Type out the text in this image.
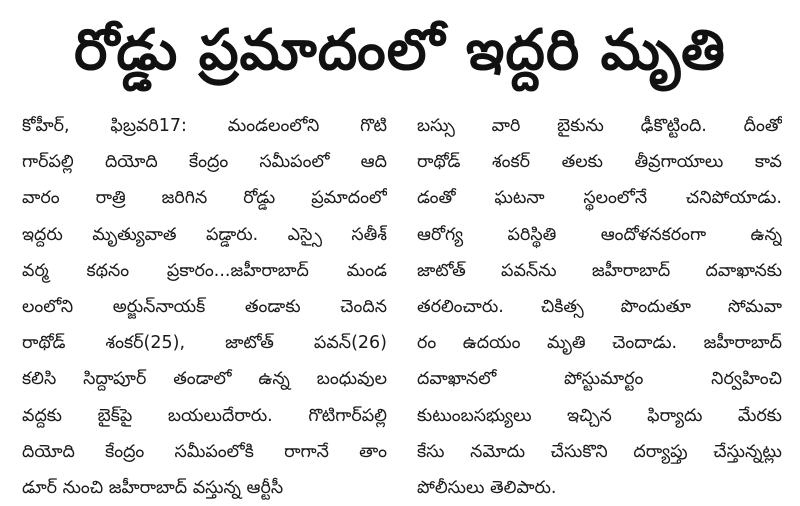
రోడ్డు ప్రమాదంలో ఇద్దరి మృతి
కోహీర్, ఫిబ్రవరి17: మండలంలోని గొటి
గార్‌పల్లి దియోది కేంద్రం సమీపంలో ఆది
వారం రాత్రి జరిగిన రోడ్డు ప్రమాదంలో
ఇద్దరు మృత్యువాత పడ్డారు. ఎస్సై సతీశ్
వర్మ కథనం ప్రకారం...జహీరాబాద్ మండ
లంలోని అర్జున్‌నాయక్ తండాకు చెందిన
రాథోడ్ శంకర్(25), జాటోత్ పవన్(26)
కలిసి సిద్దాపూర్ తండాలో ఉన్న బంధువుల
వద్దకు బైక్‌పై బయలుదేరారు. గొటిగార్‌పల్లి
దియోది కేంద్రం సమీపంలోకి రాగానే తాం
డూర్ నుంచి జహీరాబాద్ వస్తున్న ఆర్టీసీ
బస్సు వారి బైకును ఢీకొట్టింది. దీంతో
రాథోడ్ శంకర్ తలకు తీవ్రగాయాలు కావ
డంతో ఘటనా స్థలంలోనే చనిపోయాడు.
ఆరోగ్య పరిస్థితి ఆందోళనకరంగా ఉన్న
జాటోత్ పవన్‌ను జహీరాబాద్ దవాఖానకు
తరలించారు. చికిత్స పొందుతూ సోమవా
రం ఉదయం మృతి చెందాడు. జహీరాబాద్
దవాఖానలో పోస్టుమార్టం నిర్వహించి
కుటుంబసభ్యులు ఇచ్చిన ఫిర్యాదు మేరకు
కేసు నమోదు చేసుకొని దర్యాప్తు చేస్తున్నట్లు
పోలీసులు తెలిపారు.
